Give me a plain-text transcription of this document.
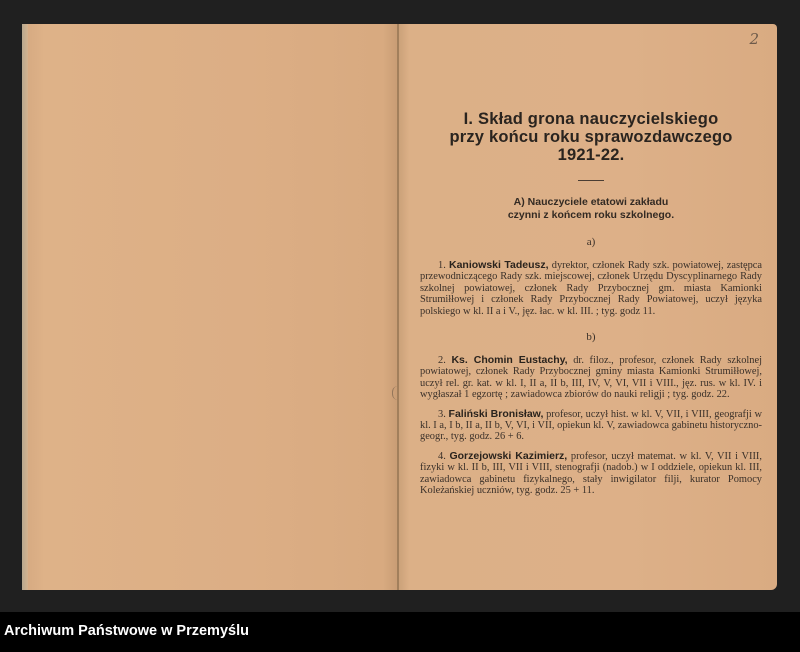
2
I. Skład grona nauczycielskiego
przy końcu roku sprawozdawczego
1921-22.
A) Nauczyciele etatowi zakładu
czynni z końcem roku szkolnego.
a)
1. Kaniowski Tadeusz, dyrektor, członek Rady szk. powiatowej, zastępca przewodniczącego Rady szk. miejscowej, członek Urzędu Dyscyplinarnego Rady szkolnej powiatowej, członek Rady Przybocznej gm. miasta Kamionki Strumiłłowej i członek Rady Przybocznej Rady Powiatowej, uczył języka polskiego w kl. II a i V., jęz. łac. w kl. III. ; tyg. godz 11.
b)
2. Ks. Chomin Eustachy, dr. filoz., profesor, członek Rady szkolnej powiatowej, członek Rady Przybocznej gminy miasta Kamionki Strumiłłowej, uczył rel. gr. kat. w kl. I, II a, II b, III, IV, V, VI, VII i VIII., jęz. rus. w kl. IV. i wygłaszał 1 egzortę ; zawiadowca zbiorów do nauki religji ; tyg. godz. 22.
3. Faliński Bronisław, profesor, uczył hist. w kl. V, VII, i VIII, geografji w kl. I a, I b, II a, II b, V, VI, i VII, opiekun kl. V, zawiadowca gabinetu historyczno-geogr., tyg. godz. 26 + 6.
4. Gorzejowski Kazimierz, profesor, uczył matemat. w kl. V, VII i VIII, fizyki w kl. II b, III, VII i VIII, stenografji (nadob.) w I oddziele, opiekun kl. III, zawiadowca gabinetu fizykalnego, stały inwigilator filji, kurator Pomocy Koleżańskiej uczniów, tyg. godz. 25 + 11.
Archiwum Państwowe w Przemyślu
